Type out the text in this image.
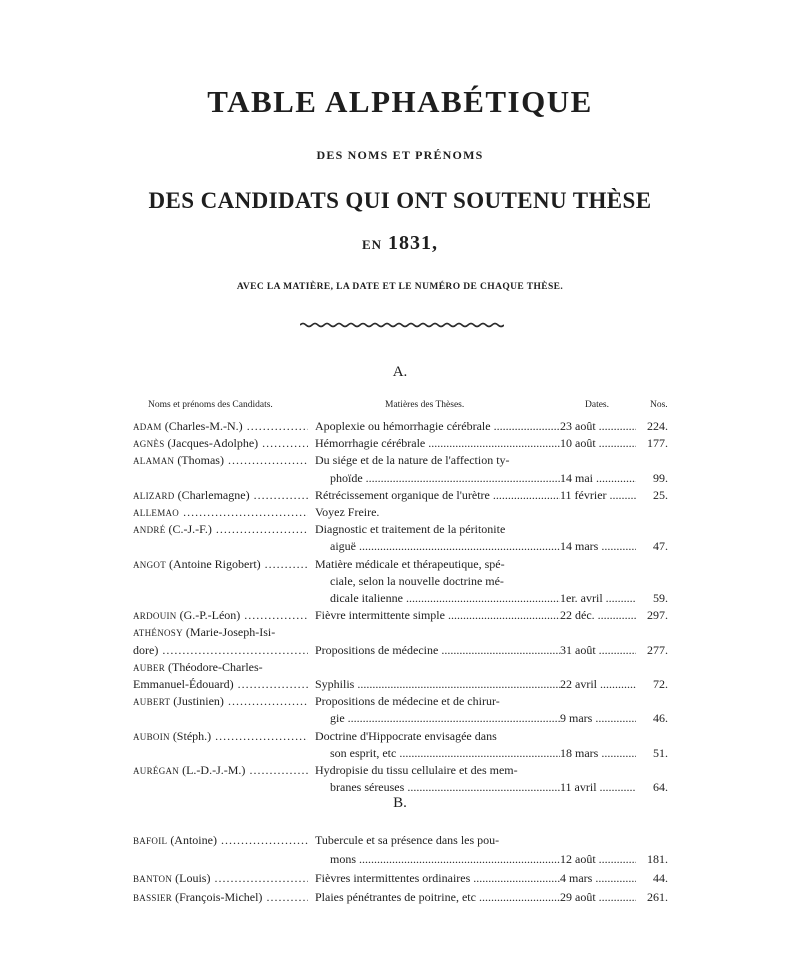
TABLE ALPHABÉTIQUE
DES NOMS ET PRÉNOMS
DES CANDIDATS QUI ONT SOUTENU THÈSE
EN 1831,
AVEC LA MATIÈRE, LA DATE ET LE NUMÉRO DE CHAQUE THÈSE.
A.
Noms et prénoms des Candidats.	Matières des Thèses.	Dates.	Nos.
ADAM (Charles-M.-N.) .....	Apoplexie ou hémorrhagie cérébrale .....	23 août .....	224.
AGNÈS (Jacques-Adolphe) .....	Hémorrhagie cérébrale .....	10 août .....	177.
ALAMAN (Thomas) .....	Du siége et de la nature de l'affection ty-
phoïde .....	14 mai .....	99.
ALIZARD (Charlemagne) .....	Rétrécissement organique de l'urètre .....	11 février .....	25.
ALLEMAO .....	Voyez Freire.
ANDRÉ (C.-J.-F.) .....	Diagnostic et traitement de la péritonite
aiguë .....	14 mars .....	47.
ANGOT (Antoine Rigobert) .....	Matière médicale et thérapeutique, spé-
ciale, selon la nouvelle doctrine mé-
dicale italienne .....	1er. avril .....	59.
ARDOUIN (G.-P.-Léon) .....	Fièvre intermittente simple .....	22 déc. .....	297.
ATHÉNOSY (Marie-Joseph-Isi-
dore) .....	Propositions de médecine .....	31 août .....	277.
AUBER (Théodore-Charles-
Emmanuel-Édouard) .....	Syphilis .....	22 avril .....	72.
AUBERT (Justinien) .....	Propositions de médecine et de chirur-
gie .....	9 mars .....	46.
AUBOIN (Stéph.) .....	Doctrine d'Hippocrate envisagée dans
son esprit, etc .....	18 mars .....	51.
AURÉGAN (L.-D.-J.-M.) .....	Hydropisie du tissu cellulaire et des mem-
branes séreuses .....	11 avril .....	64.
B.
BAFOIL (Antoine) .....	Tubercule et sa présence dans les pou-
mons .....	12 août .....	181.
BANTON (Louis) .....	Fièvres intermittentes ordinaires .....	4 mars .....	44.
BASSIER (François-Michel) .....	Plaies pénétrantes de poitrine, etc .....	29 août .....	261.
